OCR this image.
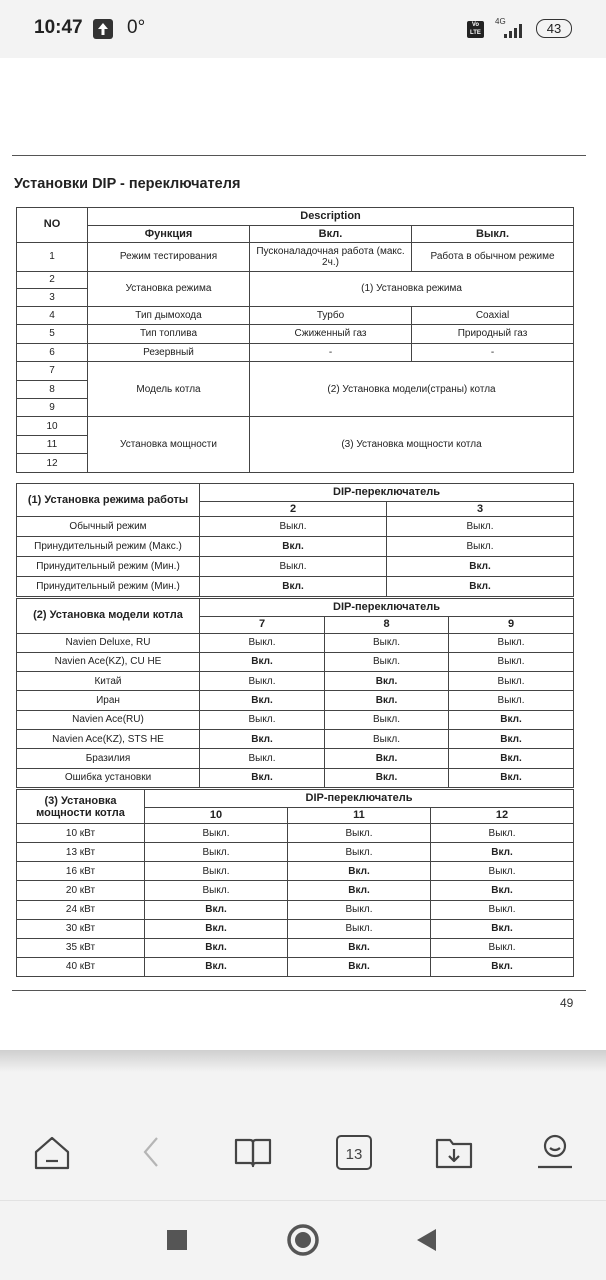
10:47 0°	Vo LTE
4G	43
Установки DIP - переключателя
NO	Description		
	Функция	Вкл.	Выкл.
1	Режим тестирования	Пусконаладочная работа (макс. 2ч.)	Работа в обычном режиме
2	Установка режима	(1) Установка режима	
3			
4	Тип дымохода	Турбо	Coaxial
5	Тип топлива	Сжиженный газ	Природный газ
6	Резервный	-	-
7	Модель котла	(2) Установка модели(страны) котла	
8			
9			
10	Установка мощности	(3) Установка мощности котла	
11			
12			
(1) Установка режима работы	DIP-переключатель	
	2	3
Обычный режим	Выкл.	Выкл.
Принудительный режим (Макс.)	Вкл.	Выкл.
Принудительный режим (Мин.)	Выкл.	Вкл.
Принудительный режим (Мин.)	Вкл.	Вкл.
(2) Установка модели котла	DIP-переключатель		
	7	8	9
Navien Deluxe, RU	Выкл.	Выкл.	Выкл.
Navien Ace(KZ), CU HE	Вкл.	Выкл.	Выкл.
Китай	Выкл.	Вкл.	Выкл.
Иран	Вкл.	Вкл.	Выкл.
Navien Ace(RU)	Выкл.	Выкл.	Вкл.
Navien Ace(KZ), STS HE	Вкл.	Выкл.	Вкл.
Бразилия	Выкл.	Вкл.	Вкл.
Ошибка установки	Вкл.	Вкл.	Вкл.
(3) Установка
мощности котла	DIP-переключатель		
	10	11	12
10 кВт	Выкл.	Выкл.	Выкл.
13 кВт	Выкл.	Выкл.	Вкл.
16 кВт	Выкл.	Вкл.	Выкл.
20 кВт	Выкл.	Вкл.	Вкл.
24 кВт	Вкл.	Выкл.	Выкл.
30 кВт	Вкл.	Выкл.	Вкл.
35 кВт	Вкл.	Вкл.	Выкл.
40 кВт	Вкл.	Вкл.	Вкл.
49
13
